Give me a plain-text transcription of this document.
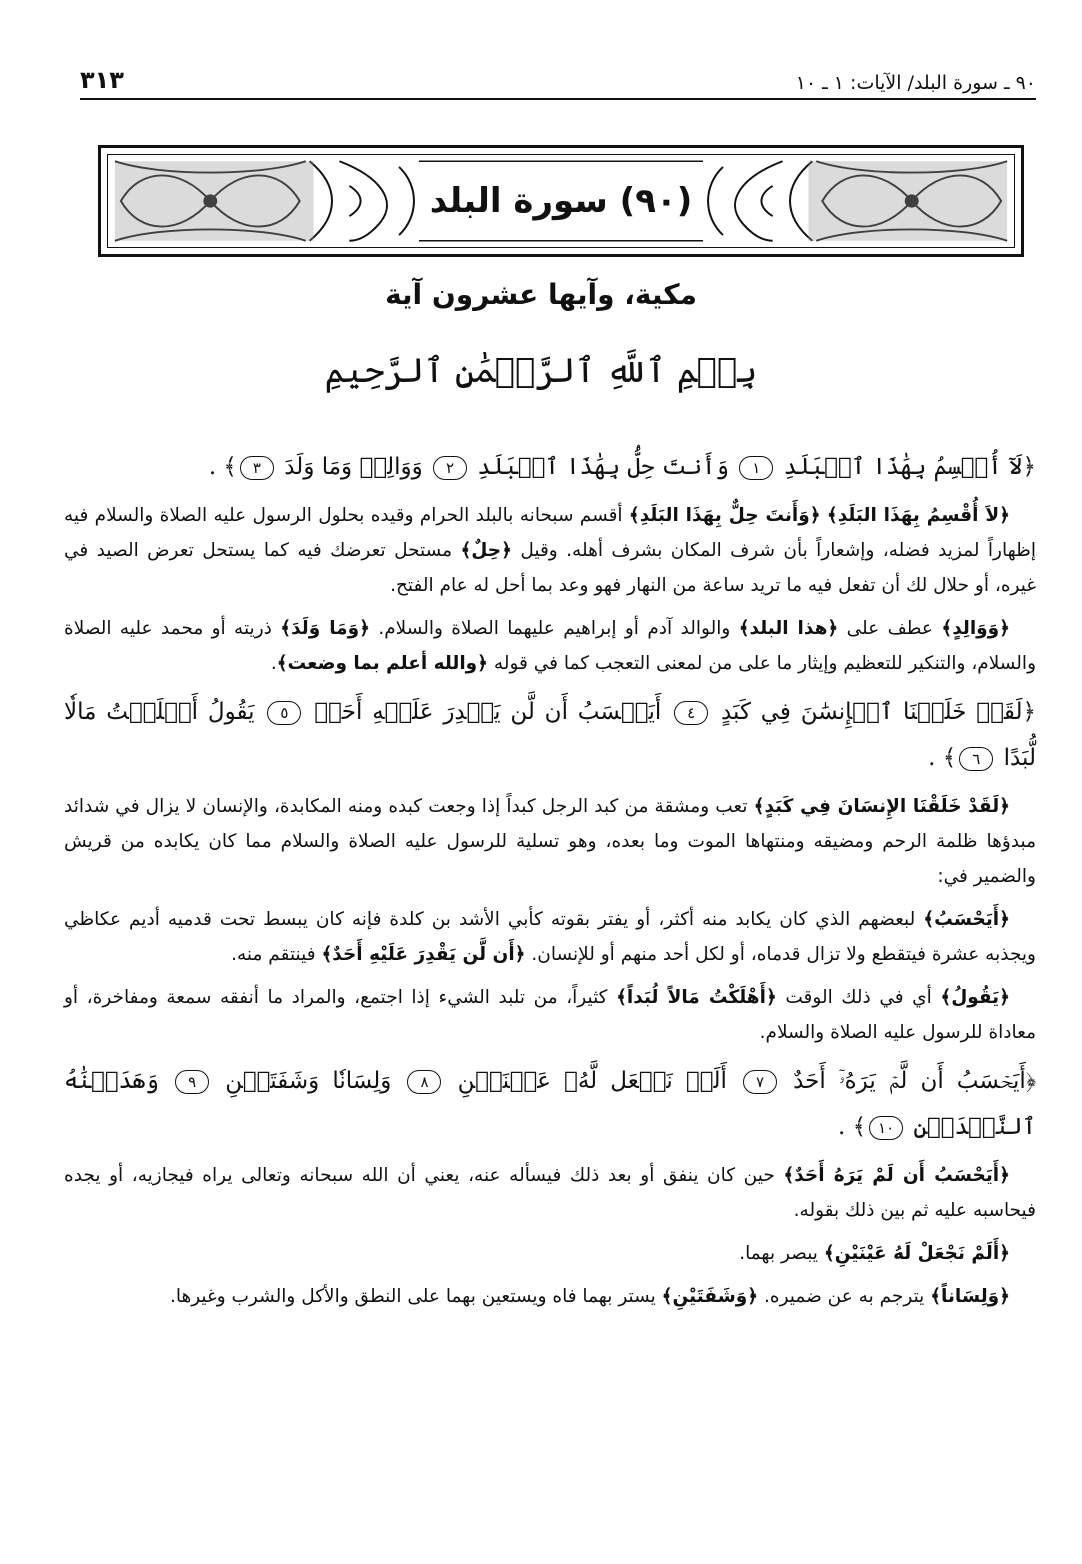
٩٠ ـ سورة البلد/ الآيات: ١ ـ ١٠
٣١٣
(٩٠) سورة البلد
مكية، وآيها عشرون آية
بِسۡمِ ٱللَّهِ ٱلرَّحۡمَٰنِ ٱلرَّحِيمِ
﴿لَآ أُقۡسِمُ بِهَٰذَا ٱلۡبَلَدِ ١ وَأَنتَ حِلُّۢ بِهَٰذَا ٱلۡبَلَدِ ٢ وَوَالِدٖ وَمَا وَلَدَ ٣﴾ .

﴿لاَ أُقْسِمُ بِهَذَا البَلَدِ﴾ ﴿وَأَنتَ حِلٌّ بِهَذَا البَلَدِ﴾ أقسم سبحانه بالبلد الحرام وقيده بحلول الرسول عليه الصلاة والسلام فيه إظهاراً لمزيد فضله، وإشعاراً بأن شرف المكان بشرف أهله. وقيل ﴿حِلٌ﴾ مستحل تعرضك فيه كما يستحل تعرض الصيد في غيره، أو حلال لك أن تفعل فيه ما تريد ساعة من النهار فهو وعد بما أحل له عام الفتح.

﴿وَوَالِدٍ﴾ عطف على ﴿هذا البلد﴾ والوالد آدم أو إبراهيم عليهما الصلاة والسلام. ﴿وَمَا وَلَدَ﴾ ذريته أو محمد عليه الصلاة والسلام، والتنكير للتعظيم وإيثار ما على من لمعنى التعجب كما في قوله ﴿والله أعلم بما وضعت﴾.

﴿لَقَدۡ خَلَقۡنَا ٱلۡإِنسَٰنَ فِي كَبَدٍ ٤ أَيَحۡسَبُ أَن لَّن يَقۡدِرَ عَلَيۡهِ أَحَدٞ ٥ يَقُولُ أَهۡلَكۡتُ مَالٗا لُّبَدًا ٦﴾ .

﴿لَقَدْ خَلَقْنَا الإِنسَانَ فِي كَبَدٍ﴾ تعب ومشقة من كبد الرجل كبداً إذا وجعت كبده ومنه المكابدة، والإنسان لا يزال في شدائد مبدؤها ظلمة الرحم ومضيقه ومنتهاها الموت وما بعده، وهو تسلية للرسول عليه الصلاة والسلام مما كان يكابده من قريش والضمير في:

﴿أَيَحْسَبُ﴾ لبعضهم الذي كان يكابد منه أكثر، أو يفتر بقوته كأبي الأشد بن كلدة فإنه كان يبسط تحت قدميه أديم عكاظي ويجذبه عشرة فيتقطع ولا تزال قدماه، أو لكل أحد منهم أو للإنسان. ﴿أَن لَّن يَقْدِرَ عَلَيْهِ أَحَدٌ﴾ فينتقم منه.

﴿يَقُولُ﴾ أي في ذلك الوقت ﴿أَهْلَكْتُ مَالاً لُبَداً﴾ كثيراً، من تلبد الشيء إذا اجتمع، والمراد ما أنفقه سمعة ومفاخرة، أو معاداة للرسول عليه الصلاة والسلام.

﴿أَيَحۡسَبُ أَن لَّمۡ يَرَهُۥٓ أَحَدٌ ٧ أَلَمۡ نَجۡعَل لَّهُۥ عَيۡنَيۡنِ ٨ وَلِسَانٗا وَشَفَتَيۡنِ ٩ وَهَدَيۡنَٰهُ ٱلنَّجۡدَيۡنِ ١٠﴾ .

﴿أَيَحْسَبُ أَن لَمْ يَرَهُ أَحَدٌ﴾ حين كان ينفق أو بعد ذلك فيسأله عنه، يعني أن الله سبحانه وتعالى يراه فيجازيه، أو يجده فيحاسبه عليه ثم بين ذلك بقوله.

﴿أَلَمْ نَجْعَلْ لَهُ عَيْنَيْنِ﴾ يبصر بهما.

﴿وَلِسَاناً﴾ يترجم به عن ضميره. ﴿وَشَفَتَيْنِ﴾ يستر بهما فاه ويستعين بهما على النطق والأكل والشرب وغيرها.
